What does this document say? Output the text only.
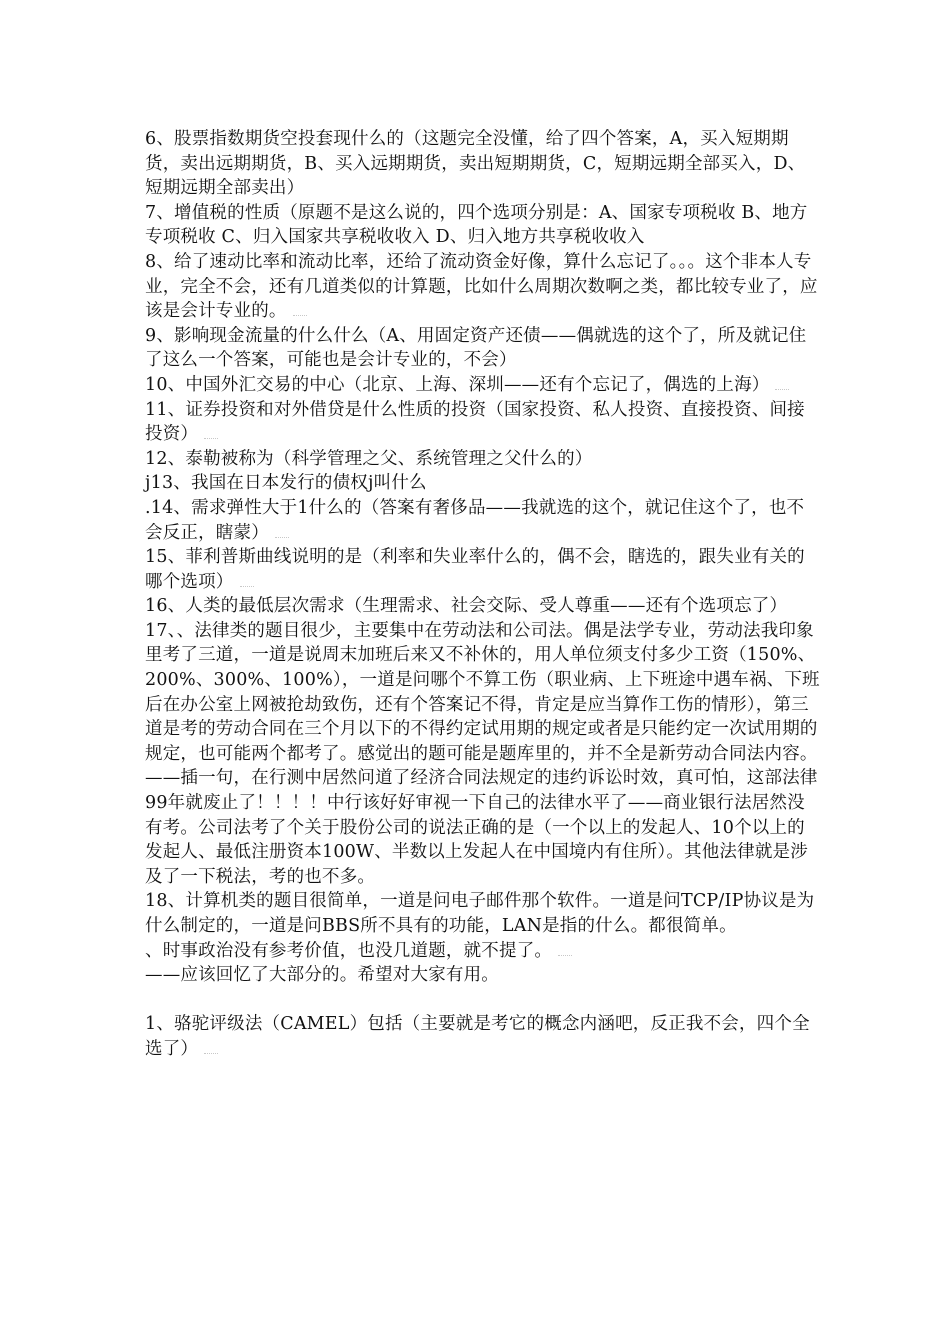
6、股票指数期货空投套现什么的（这题完全没懂，给了四个答案，A，买入短期期货，卖出远期期货，B、买入远期期货，卖出短期期货，C，短期远期全部买入，D、短期远期全部卖出）

7、增值税的性质（原题不是这么说的，四个选项分别是：A、国家专项税收 B、地方专项税收 C、归入国家共享税收收入 D、归入地方共享税收收入

8、给了速动比率和流动比率，还给了流动资金好像，算什么忘记了。。。这个非本人专业，完全不会，还有几道类似的计算题，比如什么周期次数啊之类，都比较专业了，应该是会计专业的。

9、影响现金流量的什么什么（A、用固定资产还债——偶就选的这个了，所及就记住了这么一个答案，可能也是会计专业的，不会）

10、中国外汇交易的中心（北京、上海、深圳——还有个忘记了，偶选的上海）

11、证券投资和对外借贷是什么性质的投资（国家投资、私人投资、直接投资、间接投资）

12、泰勒被称为（科学管理之父、系统管理之父什么的）

j13、我国在日本发行的债权j叫什么

.14、需求弹性大于1什么的（答案有奢侈品——我就选的这个，就记住这个了，也不会反正，瞎蒙）

15、菲利普斯曲线说明的是（利率和失业率什么的，偶不会，瞎选的，跟失业有关的哪个选项）

16、人类的最低层次需求（生理需求、社会交际、受人尊重——还有个选项忘了）

17、、法律类的题目很少，主要集中在劳动法和公司法。偶是法学专业，劳动法我印象里考了三道，一道是说周末加班后来又不补休的，用人单位须支付多少工资（150%、200%、300%、100%），一道是问哪个不算工伤（职业病、上下班途中遇车祸、下班后在办公室上网被抢劫致伤，还有个答案记不得，肯定是应当算作工伤的情形），第三道是考的劳动合同在三个月以下的不得约定试用期的规定或者是只能约定一次试用期的规定，也可能两个都考了。感觉出的题可能是题库里的，并不全是新劳动合同法内容。——插一句，在行测中居然问道了经济合同法规定的违约诉讼时效，真可怕，这部法律99年就废止了！！！！中行该好好审视一下自己的法律水平了——商业银行法居然没有考。公司法考了个关于股份公司的说法正确的是（一个以上的发起人、10个以上的发起人、最低注册资本100W、半数以上发起人在中国境内有住所）。其他法律就是涉及了一下税法，考的也不多。

18、计算机类的题目很简单，一道是问电子邮件那个软件。一道是问TCP/IP协议是为什么制定的，一道是问BBS所不具有的功能，LAN是指的什么。都很简单。

、时事政治没有参考价值，也没几道题，就不提了。

——应该回忆了大部分的。希望对大家有用。

1、骆驼评级法（CAMEL）包括（主要就是考它的概念内涵吧，反正我不会，四个全选了）
